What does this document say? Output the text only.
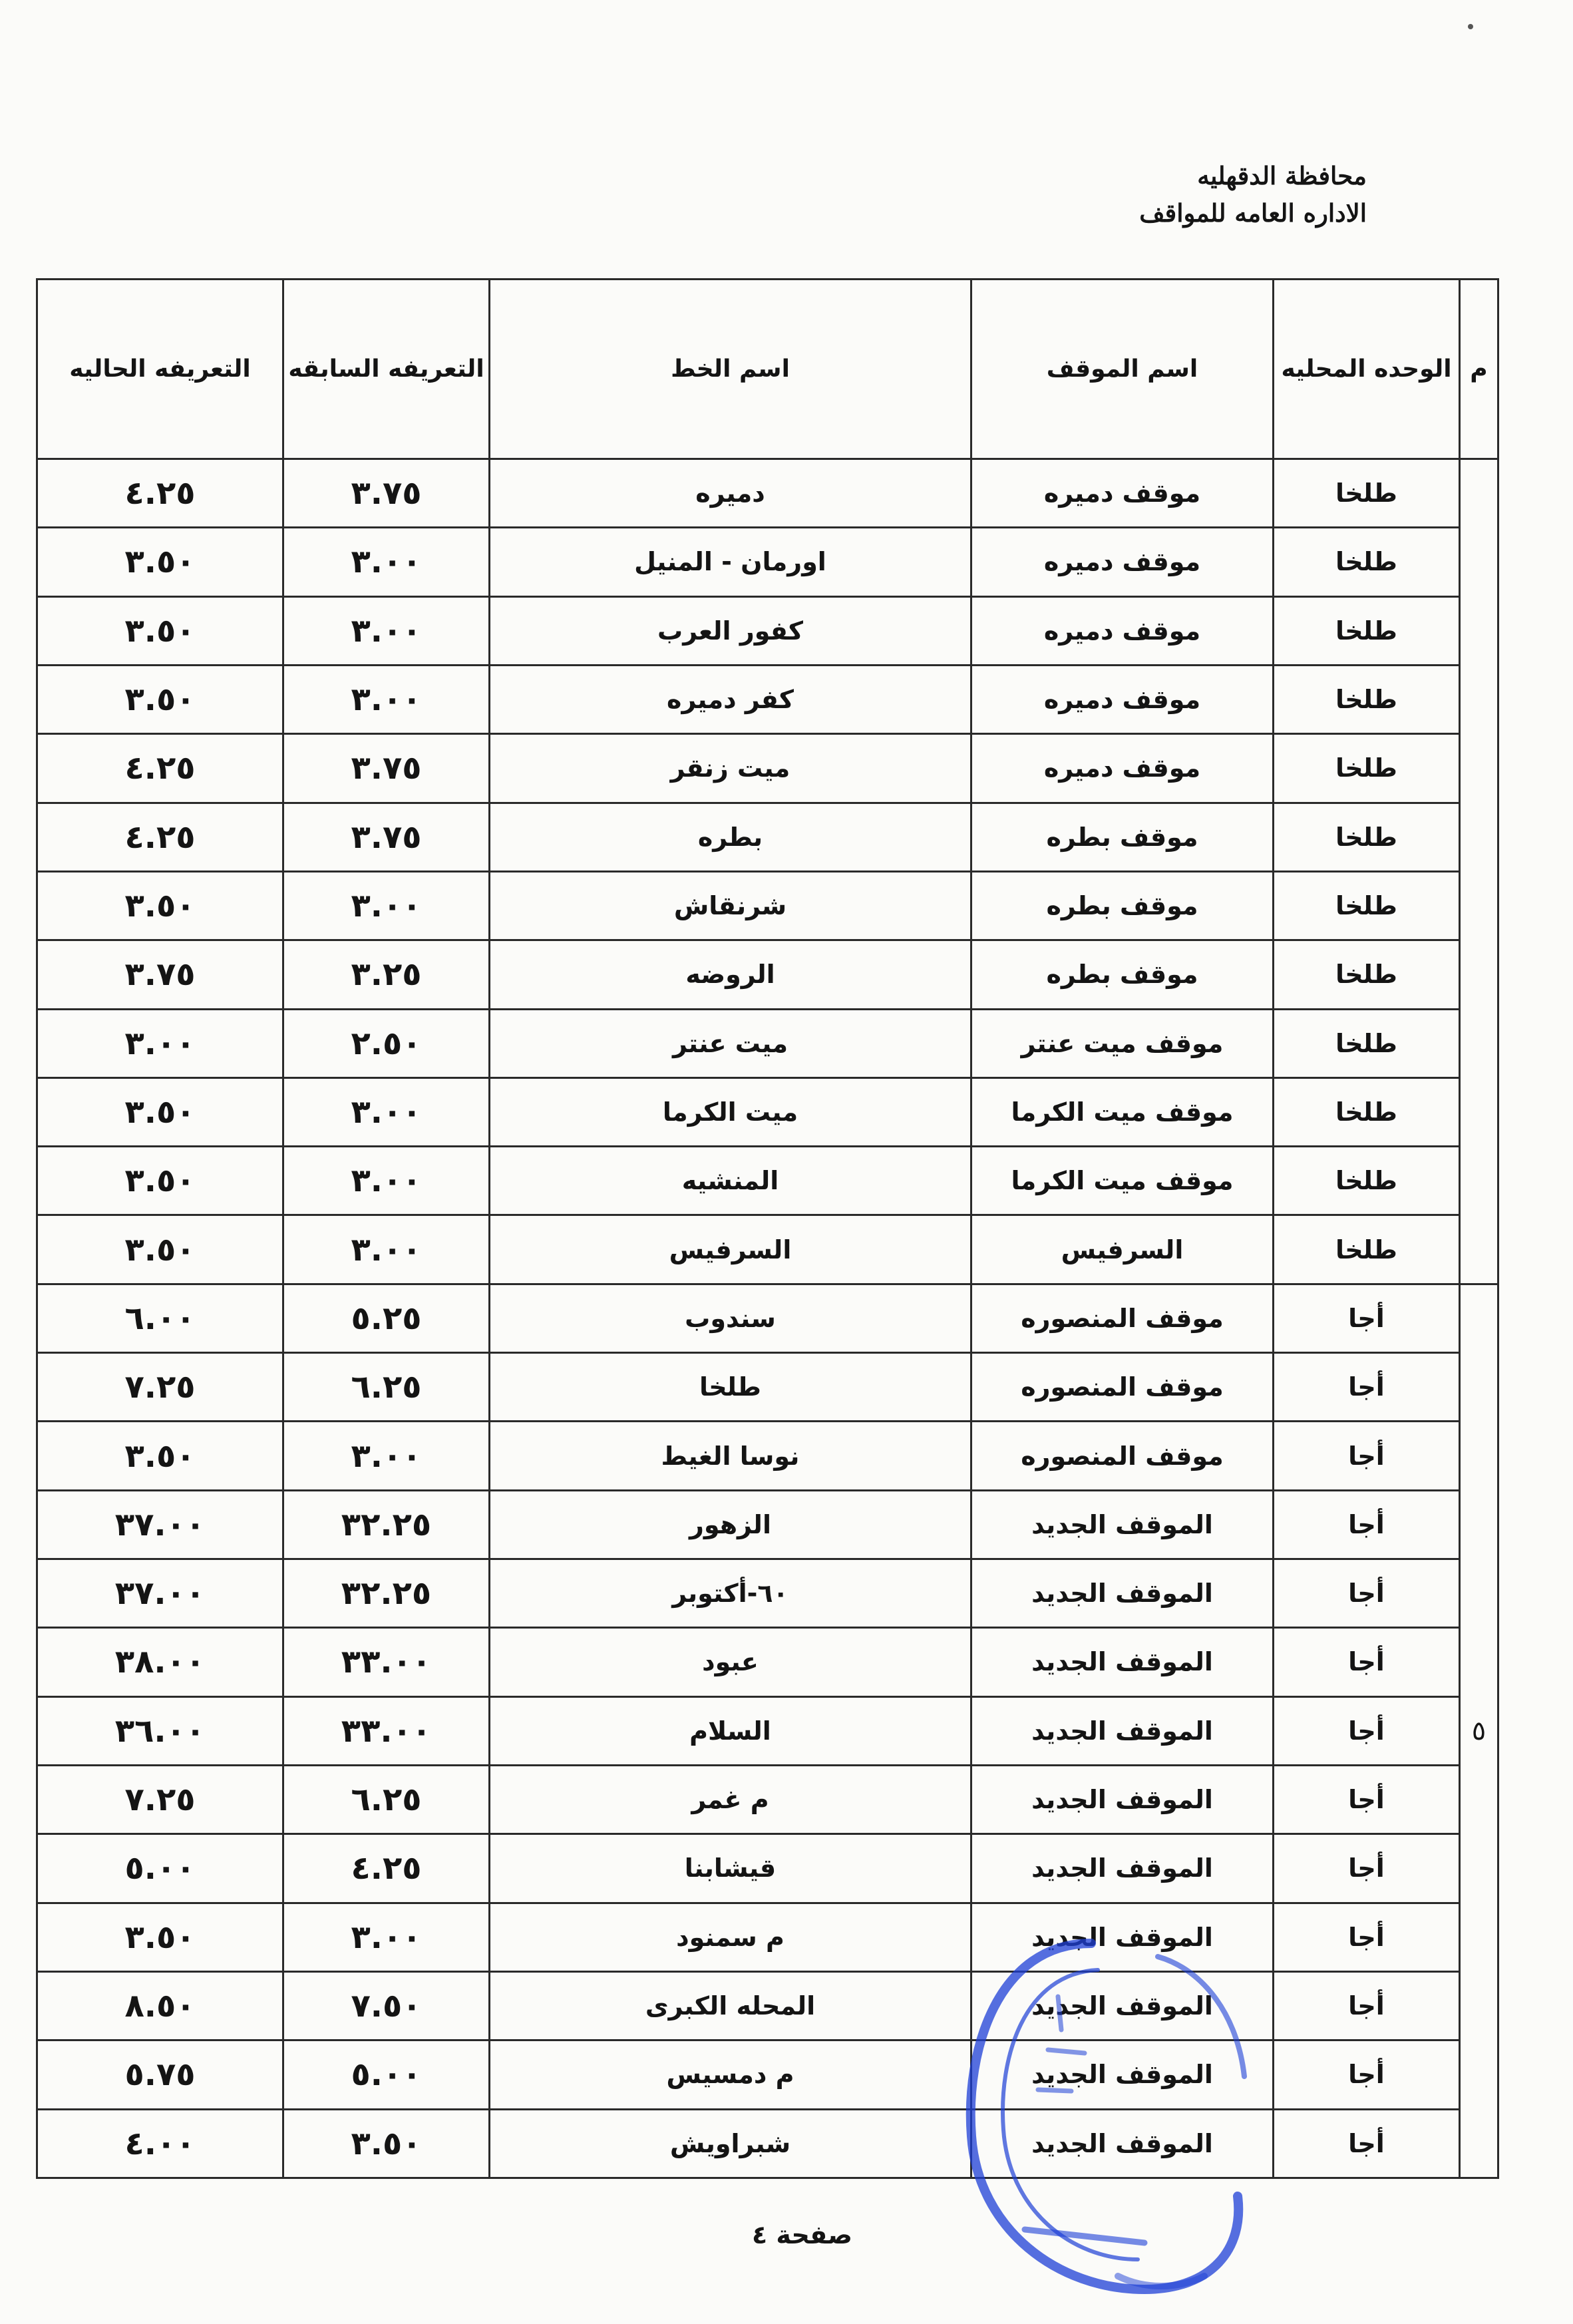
محافظة الدقهليه
الاداره العامه للمواقف
م	الوحده المحليه	اسم الموقف	اسم الخط	التعريفه السابقه	التعريفه الحاليه
	طلخا	موقف دميره	دميره	٣.٧٥	٤.٢٥
	طلخا	موقف دميره	اورمان - المنيل	٣.٠٠	٣.٥٠
	طلخا	موقف دميره	كفور العرب	٣.٠٠	٣.٥٠
	طلخا	موقف دميره	كفر دميره	٣.٠٠	٣.٥٠
	طلخا	موقف دميره	ميت زنقر	٣.٧٥	٤.٢٥
	طلخا	موقف بطره	بطره	٣.٧٥	٤.٢٥
	طلخا	موقف بطره	شرنقاش	٣.٠٠	٣.٥٠
	طلخا	موقف بطره	الروضه	٣.٢٥	٣.٧٥
	طلخا	موقف ميت عنتر	ميت عنتر	٢.٥٠	٣.٠٠
	طلخا	موقف ميت الكرما	ميت الكرما	٣.٠٠	٣.٥٠
	طلخا	موقف ميت الكرما	المنشيه	٣.٠٠	٣.٥٠
	طلخا	السرفيس	السرفيس	٣.٠٠	٣.٥٠
٥	أجا	موقف المنصوره	سندوب	٥.٢٥	٦.٠٠
	أجا	موقف المنصوره	طلخا	٦.٢٥	٧.٢٥
	أجا	موقف المنصوره	نوسا الغيط	٣.٠٠	٣.٥٠
	أجا	الموقف الجديد	الزهور	٣٢.٢٥	٣٧.٠٠
	أجا	الموقف الجديد	٦٠-أكتوبر	٣٢.٢٥	٣٧.٠٠
	أجا	الموقف الجديد	عبود	٣٣.٠٠	٣٨.٠٠
	أجا	الموقف الجديد	السلام	٣٣.٠٠	٣٦.٠٠
	أجا	الموقف الجديد	م غمر	٦.٢٥	٧.٢٥
	أجا	الموقف الجديد	قيشابنا	٤.٢٥	٥.٠٠
	أجا	الموقف الجديد	م سمنود	٣.٠٠	٣.٥٠
	أجا	الموقف الجديد	المحله الكبرى	٧.٥٠	٨.٥٠
	أجا	الموقف الجديد	م دمسيس	٥.٠٠	٥.٧٥
	أجا	الموقف الجديد	شبراويش	٣.٥٠	٤.٠٠
صفحة ٤
